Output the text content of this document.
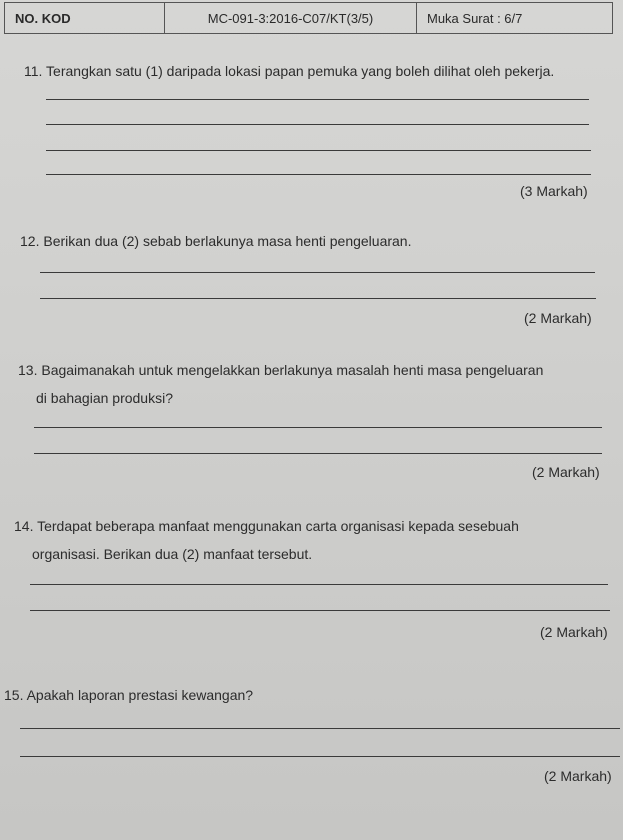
NO. KOD	MC-091-3:2016-C07/KT(3/5)	Muka Surat : 6/7
11. Terangkan satu (1) daripada lokasi papan pemuka yang boleh dilihat oleh pekerja.
(3 Markah)
12. Berikan dua (2) sebab berlakunya masa henti pengeluaran.
(2 Markah)
13. Bagaimanakah untuk mengelakkan berlakunya masalah henti masa pengeluaran
di bahagian produksi?
(2 Markah)
14. Terdapat beberapa manfaat menggunakan carta organisasi kepada sesebuah
organisasi. Berikan dua (2) manfaat tersebut.
(2 Markah)
15. Apakah laporan prestasi kewangan?
(2 Markah)
